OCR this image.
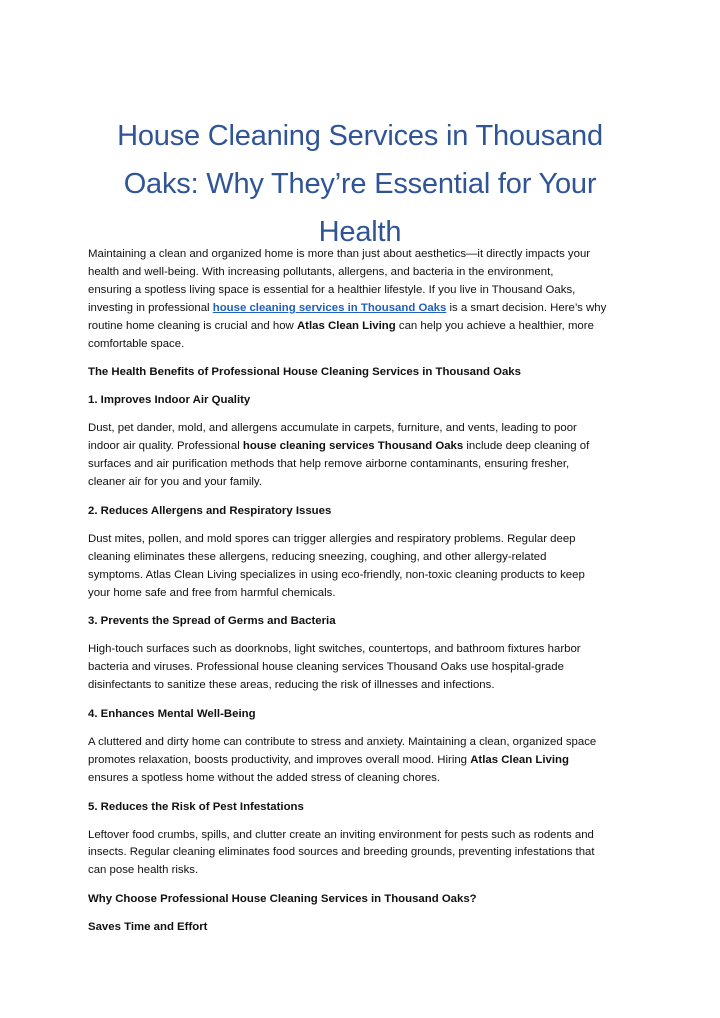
House Cleaning Services in Thousand
Oaks: Why They’re Essential for Your
Health

Maintaining a clean and organized home is more than just about aesthetics—it directly impacts your
health and well-being. With increasing pollutants, allergens, and bacteria in the environment,
ensuring a spotless living space is essential for a healthier lifestyle. If you live in Thousand Oaks,
investing in professional house cleaning services in Thousand Oaks is a smart decision. Here’s why
routine home cleaning is crucial and how Atlas Clean Living can help you achieve a healthier, more
comfortable space.

The Health Benefits of Professional House Cleaning Services in Thousand Oaks

1. Improves Indoor Air Quality

Dust, pet dander, mold, and allergens accumulate in carpets, furniture, and vents, leading to poor
indoor air quality. Professional house cleaning services Thousand Oaks include deep cleaning of
surfaces and air purification methods that help remove airborne contaminants, ensuring fresher,
cleaner air for you and your family.

2. Reduces Allergens and Respiratory Issues

Dust mites, pollen, and mold spores can trigger allergies and respiratory problems. Regular deep
cleaning eliminates these allergens, reducing sneezing, coughing, and other allergy-related
symptoms. Atlas Clean Living specializes in using eco-friendly, non-toxic cleaning products to keep
your home safe and free from harmful chemicals.

3. Prevents the Spread of Germs and Bacteria

High-touch surfaces such as doorknobs, light switches, countertops, and bathroom fixtures harbor
bacteria and viruses. Professional house cleaning services Thousand Oaks use hospital-grade
disinfectants to sanitize these areas, reducing the risk of illnesses and infections.

4. Enhances Mental Well-Being

A cluttered and dirty home can contribute to stress and anxiety. Maintaining a clean, organized space
promotes relaxation, boosts productivity, and improves overall mood. Hiring Atlas Clean Living
ensures a spotless home without the added stress of cleaning chores.

5. Reduces the Risk of Pest Infestations

Leftover food crumbs, spills, and clutter create an inviting environment for pests such as rodents and
insects. Regular cleaning eliminates food sources and breeding grounds, preventing infestations that
can pose health risks.

Why Choose Professional House Cleaning Services in Thousand Oaks?

Saves Time and Effort
